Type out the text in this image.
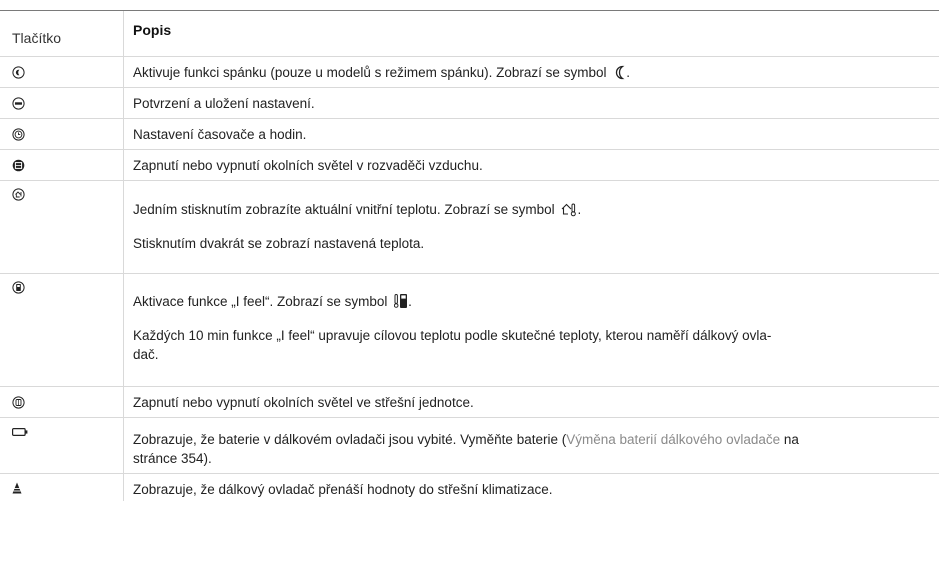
Tlačítko	Popis
Aktivuje funkci spánku (pouze u modelů s režimem spánku). Zobrazí se symbol .
Potvrzení a uložení nastavení.
Nastavení časovače a hodin.
Zapnutí nebo vypnutí okolních světel v rozvaděči vzduchu.
Jedním stisknutím zobrazíte aktuální vnitřní teplotu. Zobrazí se symbol .
Stisknutím dvakrát se zobrazí nastavená teplota.
Aktivace funkce „I feel“. Zobrazí se symbol .
Každých 10 min funkce „I feel“ upravuje cílovou teplotu podle skutečné teploty, kterou naměří dálkový ovla-
dač.
Zapnutí nebo vypnutí okolních světel ve střešní jednotce.
Zobrazuje, že baterie v dálkovém ovladači jsou vybité. Vyměňte baterie (Výměna baterií dálkového ovladače na
stránce 354).
Zobrazuje, že dálkový ovladač přenáší hodnoty do střešní klimatizace.
